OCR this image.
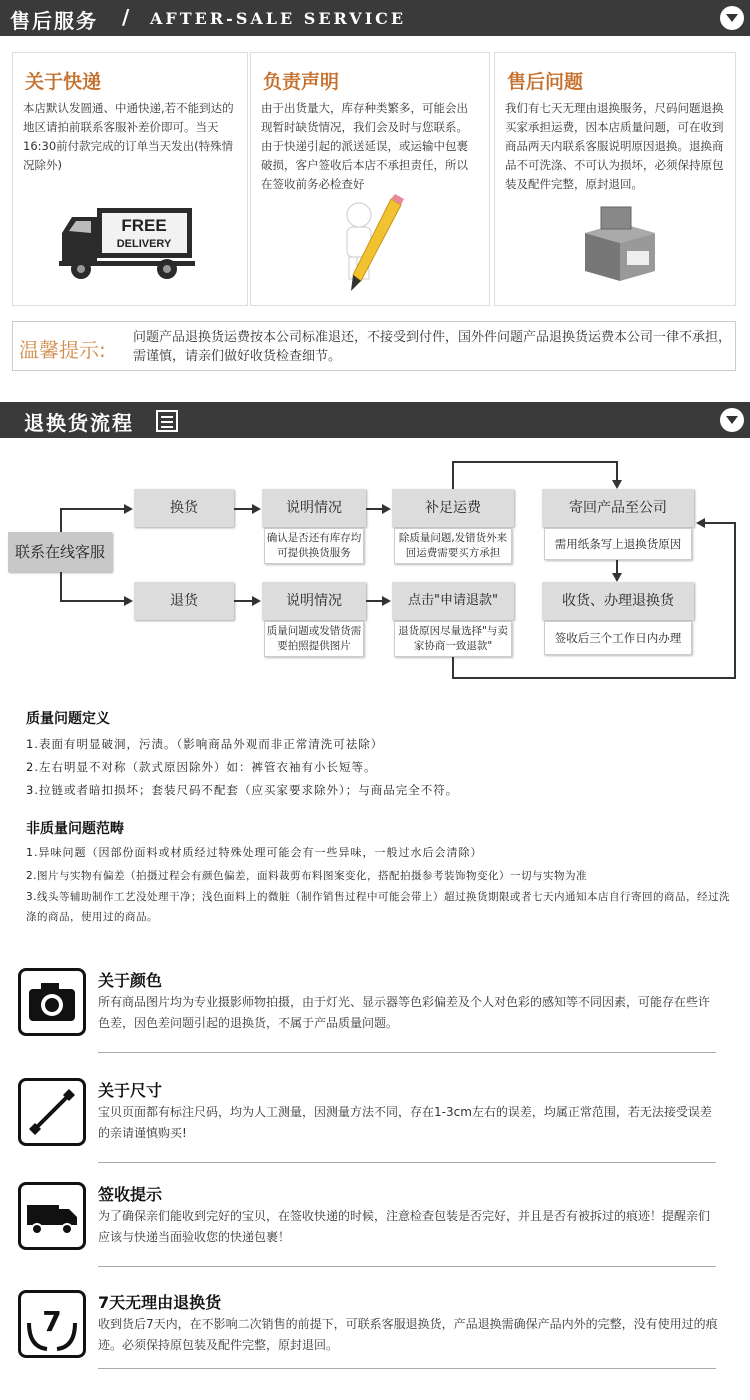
售后服务 / AFTER-SALE SERVICE
关于快递

本店默认发圆通、中通快递,若不能到达的地区请拍前联系客服补差价即可。当天16:30前付款完成的订单当天发出(特殊情况除外)

FREE
DELIVERY
负责声明

由于出货量大，库存种类繁多，可能会出现暂时缺货情况，我们会及时与您联系。由于快递引起的派送延误，或运输中包裹破损，客户签收后本店不承担责任，所以在签收前务必检查好

售后问题

我们有七天无理由退换服务，尺码问题退换买家承担运费，因本店质量问题，可在收到商品两天内联系客服说明原因退换。退换商品不可洗涤、不可认为损坏，必须保持原包装及配件完整，原封退回。

温馨提示:
问题产品退换货运费按本公司标准退还，不接受到付件，国外件问题产品退换货运费本公司一律不承担，需谨慎，请亲们做好收货检查细节。
退换货流程
联系在线客服
换货	说明情况
确认是否还有库存均可提供换货服务
补足运费
除质量问题,发错货外来回运费需要买方承担
寄回产品至公司
需用纸条写上退换货原因
退货	说明情况
质量问题或发错货需要拍照提供图片
点击"申请退款"
退货原因尽量选择"与卖家协商一致退款"
收货、办理退换货
签收后三个工作日内办理
质量问题定义
1.表面有明显破洞，污渍。（影响商品外观而非正常清洗可祛除）
2.左右明显不对称（款式原因除外）如：裤管衣袖有小长短等。
3.拉链或者暗扣损坏；套装尺码不配套（应买家要求除外）；与商品完全不符。
非质量问题范畴
1.异味问题（因部份面料或材质经过特殊处理可能会有一些异味，一般过水后会清除）
2.图片与实物有偏差（拍摄过程会有颜色偏差，面料裁剪布料图案变化，搭配拍摄参考装饰物变化）一切与实物为准
3.线头等辅助制作工艺没处理干净；浅色面料上的微脏（制作销售过程中可能会带上）超过换货期限或者七天内通知本店自行寄回的商品，经过洗涤的商品，使用过的商品。
关于颜色

所有商品图片均为专业摄影师物拍摄，由于灯光、显示器等色彩偏差及个人对色彩的感知等不同因素，可能存在些许色差，因色差问题引起的退换货，不属于产品质量问题。

关于尺寸

宝贝页面都有标注尺码，均为人工测量，因测量方法不同，存在1-3cm左右的误差，均属正常范围，若无法接受误差的亲请谨慎购买!

签收提示

为了确保亲们能收到完好的宝贝，在签收快递的时候，注意检查包装是否完好，并且是否有被拆过的痕迹！提醒亲们应该与快递当面验收您的快递包裹！

7
7天无理由退换货

收到货后7天内，在不影响二次销售的前提下，可联系客服退换货，产品退换需确保产品内外的完整，没有使用过的痕迹。必须保持原包装及配件完整，原封退回。
